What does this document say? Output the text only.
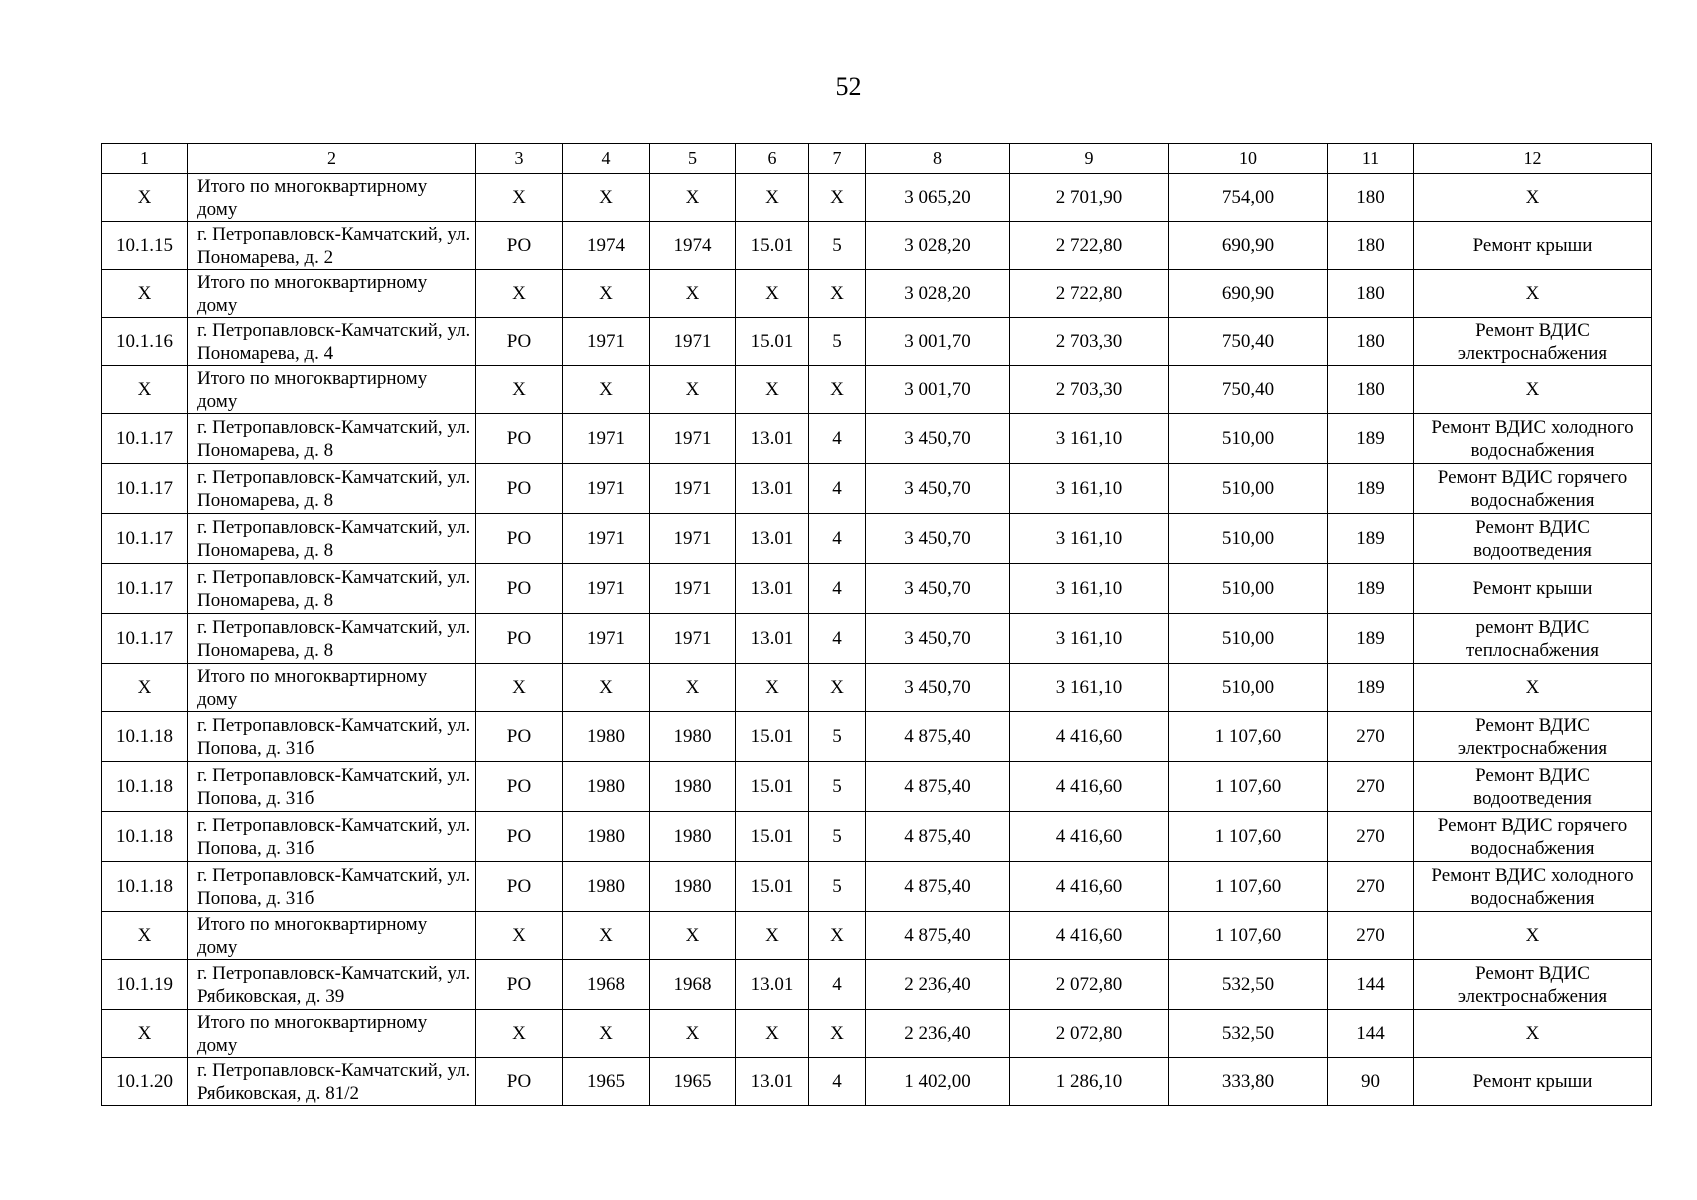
52
1	2	3	4	5	6	7	8	9	10	11	12
Х	Итого по многоквартирному дому	Х	Х	Х	Х	Х	3 065,20	2 701,90	754,00	180	Х
10.1.15	г. Петропавловск-Камчатский, ул. Пономарева, д. 2	РО	1974	1974	15.01	5	3 028,20	2 722,80	690,90	180	Ремонт крыши
Х	Итого по многоквартирному дому	Х	Х	Х	Х	Х	3 028,20	2 722,80	690,90	180	Х
10.1.16	г. Петропавловск-Камчатский, ул. Пономарева, д. 4	РО	1971	1971	15.01	5	3 001,70	2 703,30	750,40	180	Ремонт ВДИС электроснабжения
Х	Итого по многоквартирному дому	Х	Х	Х	Х	Х	3 001,70	2 703,30	750,40	180	Х
10.1.17	г. Петропавловск-Камчатский, ул. Пономарева, д. 8	РО	1971	1971	13.01	4	3 450,70	3 161,10	510,00	189	Ремонт ВДИС холодного водоснабжения
10.1.17	г. Петропавловск-Камчатский, ул. Пономарева, д. 8	РО	1971	1971	13.01	4	3 450,70	3 161,10	510,00	189	Ремонт ВДИС горячего водоснабжения
10.1.17	г. Петропавловск-Камчатский, ул. Пономарева, д. 8	РО	1971	1971	13.01	4	3 450,70	3 161,10	510,00	189	Ремонт ВДИС водоотведения
10.1.17	г. Петропавловск-Камчатский, ул. Пономарева, д. 8	РО	1971	1971	13.01	4	3 450,70	3 161,10	510,00	189	Ремонт крыши
10.1.17	г. Петропавловск-Камчатский, ул. Пономарева, д. 8	РО	1971	1971	13.01	4	3 450,70	3 161,10	510,00	189	ремонт ВДИС теплоснабжения
Х	Итого по многоквартирному дому	Х	Х	Х	Х	Х	3 450,70	3 161,10	510,00	189	Х
10.1.18	г. Петропавловск-Камчатский, ул. Попова, д. 31б	РО	1980	1980	15.01	5	4 875,40	4 416,60	1 107,60	270	Ремонт ВДИС электроснабжения
10.1.18	г. Петропавловск-Камчатский, ул. Попова, д. 31б	РО	1980	1980	15.01	5	4 875,40	4 416,60	1 107,60	270	Ремонт ВДИС водоотведения
10.1.18	г. Петропавловск-Камчатский, ул. Попова, д. 31б	РО	1980	1980	15.01	5	4 875,40	4 416,60	1 107,60	270	Ремонт ВДИС горячего водоснабжения
10.1.18	г. Петропавловск-Камчатский, ул. Попова, д. 31б	РО	1980	1980	15.01	5	4 875,40	4 416,60	1 107,60	270	Ремонт ВДИС холодного водоснабжения
Х	Итого по многоквартирному дому	Х	Х	Х	Х	Х	4 875,40	4 416,60	1 107,60	270	Х
10.1.19	г. Петропавловск-Камчатский, ул. Рябиковская, д. 39	РО	1968	1968	13.01	4	2 236,40	2 072,80	532,50	144	Ремонт ВДИС электроснабжения
Х	Итого по многоквартирному дому	Х	Х	Х	Х	Х	2 236,40	2 072,80	532,50	144	Х
10.1.20	г. Петропавловск-Камчатский, ул. Рябиковская, д. 81/2	РО	1965	1965	13.01	4	1 402,00	1 286,10	333,80	90	Ремонт крыши
